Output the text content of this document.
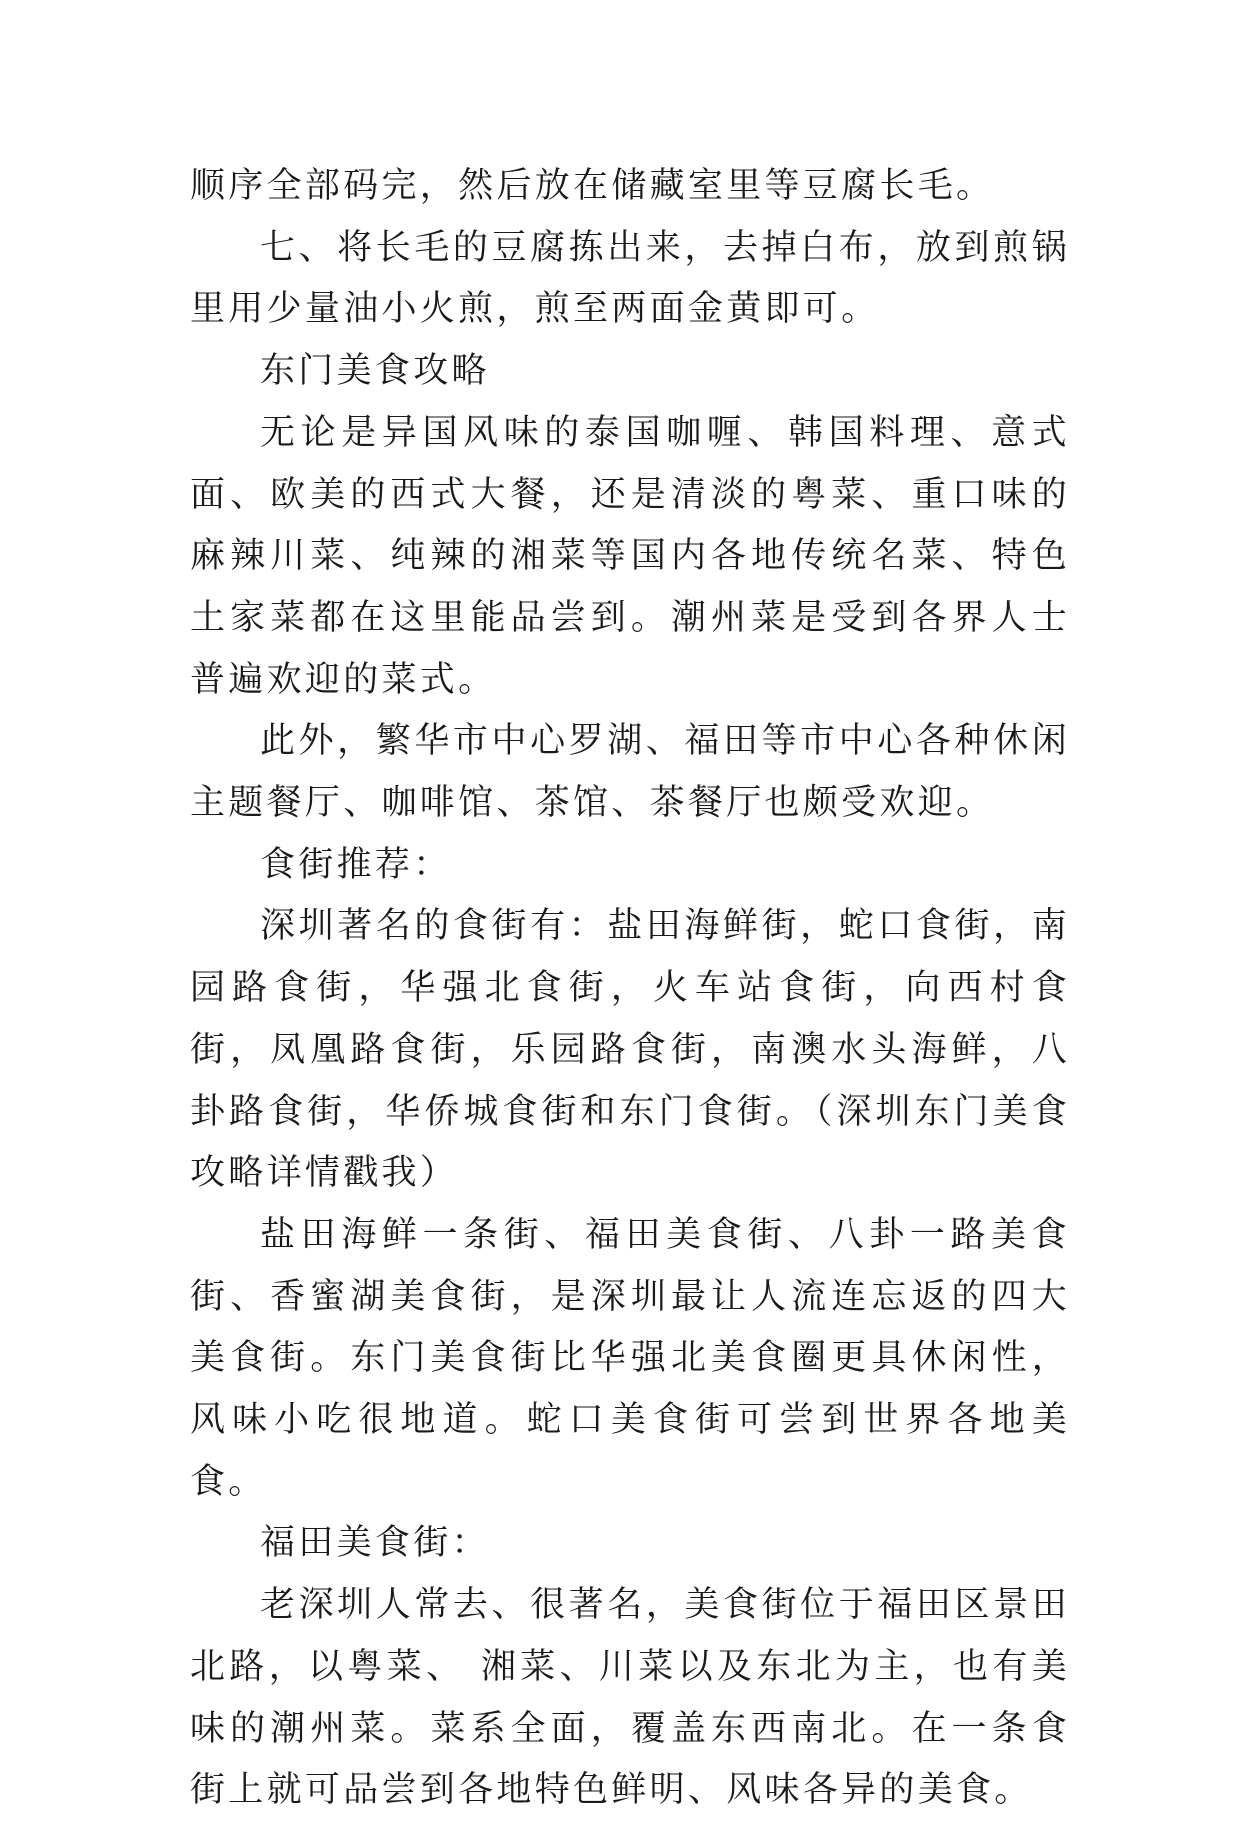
顺序全部码完，然后放在储藏室里等豆腐长毛。

七、将长毛的豆腐拣出来，去掉白布，放到煎锅里用少量油小火煎，煎至两面金黄即可。

东门美食攻略

无论是异国风味的泰国咖喱、韩国料理、意式面、欧美的西式大餐，还是清淡的粤菜、重口味的麻辣川菜、纯辣的湘菜等国内各地传统名菜、特色土家菜都在这里能品尝到。潮州菜是受到各界人士普遍欢迎的菜式。

此外，繁华市中心罗湖、福田等市中心各种休闲主题餐厅、咖啡馆、茶馆、茶餐厅也颇受欢迎。

食街推荐：

深圳著名的食街有：盐田海鲜街，蛇口食街，南园路食街，华强北食街，火车站食街，向西村食街，凤凰路食街，乐园路食街，南澳水头海鲜，八卦路食街，华侨城食街和东门食街。（深圳东门美食攻略详情戳我）

盐田海鲜一条街、福田美食街、八卦一路美食街、香蜜湖美食街，是深圳最让人流连忘返的四大美食街。东门美食街比华强北美食圈更具休闲性，风味小吃很地道。蛇口美食街可尝到世界各地美食。

福田美食街：

老深圳人常去、很著名，美食街位于福田区景田北路，以粤菜、 湘菜、川菜以及东北为主，也有美味的潮州菜。菜系全面，覆盖东西南北。在一条食街上就可品尝到各地特色鲜明、风味各异的美食。
